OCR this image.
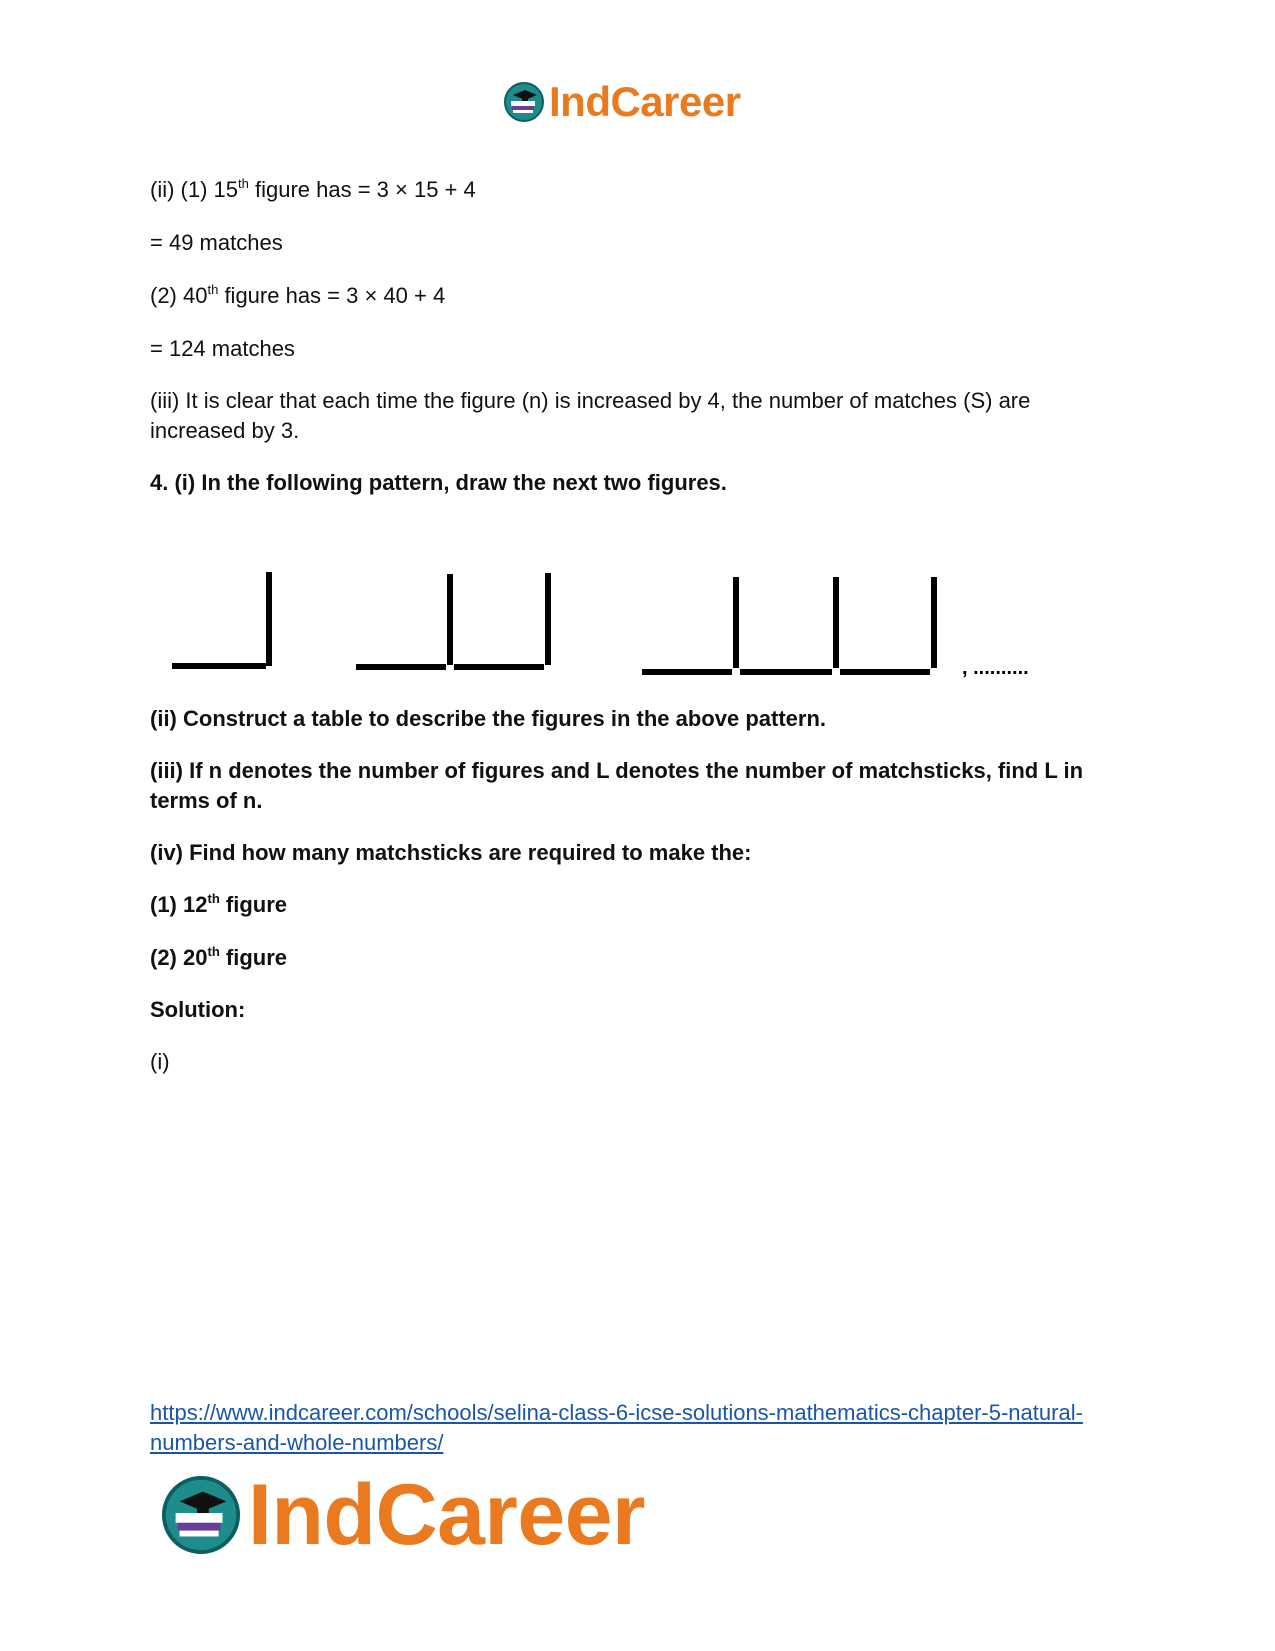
IndCareer
(ii) (1) 15th figure has = 3 × 15 + 4
= 49 matches
(2) 40th figure has = 3 × 40 + 4
= 124 matches
(iii) It is clear that each time the figure (n) is increased by 4, the number of matches (S) are increased by 3.
4. (i) In the following pattern, draw the next two figures.
, ..........
(ii) Construct a table to describe the figures in the above pattern.
(iii) If n denotes the number of figures and L denotes the number of matchsticks, find L in terms of n.
(iv) Find how many matchsticks are required to make the:
(1) 12th figure
(2) 20th figure
Solution:
(i)
https://www.indcareer.com/schools/selina-class-6-icse-solutions-mathematics-chapter-5-natural-numbers-and-whole-numbers/
IndCareer
